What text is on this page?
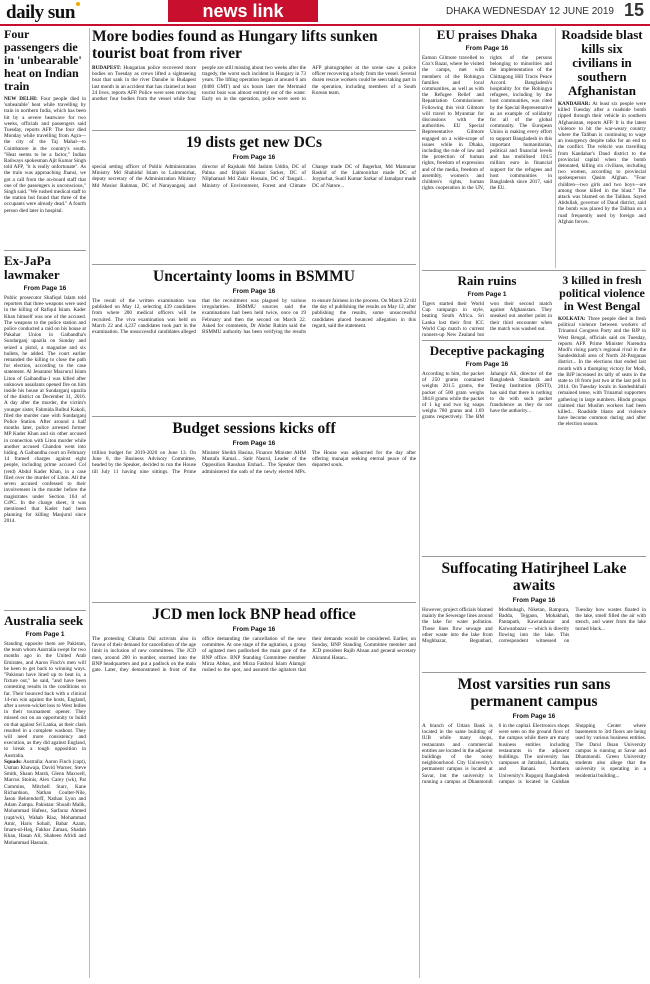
daily sun	news link	DHAKA WEDNESDAY 12 JUNE 2019 15
Four passengers die in 'unbearable' heat on Indian train

NEW DELHI: Four people died in 'unbearable' heat while travelling by train in northern India, which has been hit by a severe heatwave for two weeks, officials and passengers said Tuesday, reports AFP. The four died Monday while travelling from Agra—the city of the Taj Mahal—to Coimbatore in the country's south. "Heat seems to be a factor," Indian Railways spokesman Ajit Kumar Singh told AFP, "it is really unfortunate". As the train was approaching Jhansi, we got a call from the on-board staff that one of the passengers is unconscious," Singh said. "We rushed medical staff to the station but found that three of the occupants were already dead." A fourth person died later in hospital.

Ex-JaPa lawmaker
From Page 16

Public prosecutor Shafiqul Islam told reporters that three weapons were used in the killing of Rafiqul Islam. Kader Khan himself was one of the accused. The weapons to the police station and police conducted a raid on his house at Pakahar Union in Gaibandha's Sundarganj upazila on Sunday and seized a pistol, a magazine and six bullets, he added. The court earlier remanded the killing to close the path for election, according to the case statement. Al Jenarator Mazrurul Islam Liton of Gaibandha-1 was killed after unknown assailants opened fire on him inside his house at Sundarganj upazila of the district on December 31, 2016. A day after the murder, the victim's younger sister, Fahmida Bulbul Kakoli, filed the murder case with Sundarganj Police Station. After around a half months later, police arrested former MP Kader Khan and six other accused in connection with Liton murder while another accused Chandon went into hiding. A Gaibandha court on February 14 framed charges against eight people, including prime accused Col (retd) Abdul Kader Khan, in a case filed over the murder of Liton. All the seven accused confessed to their involvement in the murder before the magistrates under Section 164 of CrPC. In the charge sheet, it was mentioned that Kader had been planning for killing Manjurul since 2014.

Australia seek
From Page 1

Standing opposite them are Pakistan, the team whom Australia swept for two months ago in the United Arab Emirates, and Aaron Finch's men will be keen to get back to winning ways. "Pakistan have lined up to beat in, a fixture out," he said, "and have been contesting results in the conditions so far. Their bounced back with a clinical 14-run win against the hosts, England, after a seven-wicket loss to West Indies in their tournament opener. They missed out on an opportunity to build on that against Sri Lanka, as their clash resulted in a complete washout. They will need more consistency and execution, as they did against England, to break a tough opposition in Australia.

Squads: Australia: Aaron Finch (capt), Usman Khawaja, David Warner, Steve Smith, Shaun Marsh, Glenn Maxwell, Marcus Stoinis, Alex Carey (wk), Pat Cummins, Mitchell Starc, Kane Richardson, Nathan Coulter-Nile, Jason Behrendorff, Nathan Lyon and Adam Zampa. Pakistan: Shoaib Malik, Mohammad Hafeez, Sarfaraz Ahmed (capt/wk), Wahab Riaz, Mohammad Amir, Haris Sohail, Babar Azam, Imam-ul-Haq, Fakhar Zaman, Shadab Khan, Hasan Ali, Shaheen Afridi and Mohammad Hasnain.

More bodies found as Hungary lifts sunken tourist boat from river

BUDAPEST: Hungarian police recovered more bodies on Tuesday as crews lifted a sightseeing boat that sank in the river Danube in Budapest last month in an accident that has claimed at least 24 lives, reports AFP. Police were seen removing another four bodies from the vessel while four people are still missing about two weeks after the tragedy, the worst such incident in Hungary in 73 years. The lifting operation began at around 6 am (0400 GMT) and six hours later the Mermaid tourist boat was almost entirely out of the water. Early on in the operation, police were seen to AFP photographer at the scene saw a police officer recovering a body from the vessel. Several dozen rescue workers could be seen taking part in the operation, including members of a South Korean team.

19 dists get new DCs
From Page 16

special setting officer of Public Administration Ministry Md Shahidul Islam to Lalmonirhat, deputy secretary of the Administration Ministry Md Mosiur Rahman, DC of Narayanganj and director of Rajshahi Md Jashim Uddin, DC of Pabna and Biplob Kumar Sarker, DC of Nilphamari Md Zakir Hossain, DC of Tangail... Ministry of Environment, Forest and Climate Change made DC of Bagerhat, Md Mamunur Rashid of the Lalmonirhat made DC of Joypurhat, Sunil Kumar Sarkar of Jamalpur made DC of Natore...

Uncertainty looms in BSMMU
From Page 16

The result of the written examination was published on May 12, selecting 439 candidates from where 200 medical officers will be recruited. The viva examination was held on March 22 and 4,237 candidates took part in the examination. The unsuccessful candidates alleged that the recruitment was plagued by various irregularities. BSMMU sources said the examinations had been held twice, once on 19 February and then the second on March 22. Asked for comments, Dr Abdur Rahim said the BSMMU authority has been verifying the results to ensure fairness in the process. On March 22 till the day of publishing the results on May 12, after publishing the results, some unsuccessful candidates placed bounced allegation in this regard, said the statement.

Budget sessions kicks off
From Page 16

trillion budget for 2019-2020 on June 13. On June 8, the Business Advisory Committee, headed by the Speaker, decided to run the House till July 11 having nine sittings. The Prime Minister Sheikh Hasina, Finance Minister AHM Mustafa Kamal... Satir Nasrul, Leader of the Opposition Raushan Ershad... The Speaker then administered the oath of the newly elected MPs. The House was adjourned for the day after offering munajat seeking eternal peace of the departed souls.

JCD men lock BNP head office
From Page 16

The protesting Chhatra Dal activists also in favour of their demand for cancellation of the age limit in inclusion of new committees. The JCD men, around 200 in number, stormed into the BNP headquarters and put a padlock on the main gate. Later, they demonstrated in front of the office demanding the cancellation of the new committee. At one stage of the agitation, a group of agitated men padlocked the main gate of the BNP office. BNP Standing Committee member Mirza Abbas, and Mirza Fakhrul Islam Alamgir rushed to the spot, and assured the agitators that their demands would be considered. Earlier, on Sunday, BNP Standing Committee member and JCD president Rajib Ahsan and general secretary Akramul Hasan...

EU praises Dhaka
From Page 16

Eamon Gilmore travelled to Cox's Bazar, where he visited the camps, met with members of the Rohingya families and local communities, as well as with the Refugee Relief and Repatriation Commissioner. Following this visit Gilmore will travel to Myanmar for discussions with the authorities. EU Special Representative Gilmore engaged on a wide-scope of issues while in Dhaka, including the rule of law and the protection of human rights, freedom of expression and of the media, freedom of assembly, women's and children's rights, human rights cooperation in the UN, rights of the persons belonging to minorities and the implementation of the Chittagong Hill Tracts Peace Accord. Bangladesh's hospitality for the Rohingya refugees, including by the host communities, was cited by the Special Representative as an example of solidarity for all of the global community. The European Union is making every effort to support Bangladesh in this important humanitarian, political and financial levels and has mobilised 104.5 million euro in financial support for the refugees and host communities in Bangladesh since 2017, said the EU.

Rain ruins
From Page 1

Tigers started their World Cup campaign in style, beating South Africa. Sri Lanka lost their first ICC World Cup match to current runners-up New Zealand but won their second match against Afghanistan. They sneaked out another point in their third encounter when the match was washed out.

Deceptive packaging
From Page 16

According to him, the packet of 250 grams contained weights 201.5 grams, the packet of 500 gram weighs 384.8 grams while the packet of 1 kg and two kg soaps weighs 780 grams and 1.69 grams respectively. The BM Jahangir Ali, director of the Bangladesh Standards and Testing Institution (BSTI), has said that there is nothing to do with such packet fraudulence as they do not have the authority...

Roadside blast kills six civilians in southern Afghanistan

KANDAHAR: At least six people were killed Tuesday after a roadside bomb ripped through their vehicle in southern Afghanistan, reports AFP. It is the latest violence to hit the war-weary country where the Taliban is continuing to wage an insurgency despite talks for an end to the conflict. The vehicle was travelling from Kandahar's Daud district to the provincial capital when the bomb detonated, killing six civilians, including two women, according to provincial spokesperson Qasim Afghan. "Four children—two girls and two boys—are among those killed in the blast." The attack was blamed on the Taliban. Sayed Abdullah, governor of Daud district, said the bomb was placed by the Taliban on a road frequently used by foreign and Afghan forces.

3 killed in fresh political violence in West Bengal

KOLKATA: Three people died in fresh political violence between workers of Trinamul Congress Party and the BJP in West Bengal, officials said on Tuesday, reports AFP. Prime Minister Narendra Modi's rising party's regional rival in the Sandeshkhali area of North 24-Parganas district... In the elections that ended last month with a thumping victory for Modi, the BJP increased its tally of seats in the state to 18 from just two at the last poll in 2014. On Tuesday locals in Sandeshkhali remained tense, with Trinamul supporters gathering in large numbers. Hindu groups claimed that Muslim workers had been killed... Roadside blasts and violence have become common during and after the election season.

Suffocating Hatirjheel Lake awaits
From Page 16

However, project officials blamed mainly the Sewerage lines around the lake for water pollution. Those lines flow sewage and other waste into the lake from Moghbazar, Begunbari, Modhubagh, Niketan, Rampura, Badda, Tejgaon, Mohakhali, Pantapath, Kawranbazar and Karwanbazar — which is directly flowing into the lake. This correspondent witnessed on Tuesday how wastes floated in the lake, smell filled the air with stench, and water from the lake turned black...

Most varsities run sans permanent campus
From Page 16

A branch of Uttara Bank is located in the same building of IUB while many shops, restaurants and commercial entities are located in the adjacent buildings of the noisy neighbourhood. City University's permanent campus is located at Savar, but the university is running a campus at Dhanmondi 6 in the capital. Electronics shops were seen on the ground floor of the campus while there are many business entities including restaurants in the adjacent buildings. The university has campuses at Jatrabari, Lalmatia, and Banani. Northern University's Rupgonj Bangladesh campus is located in Gulshan Shopping Center where basements to 3rd floors are being used by various business entities. The Darul Ihsan University campus is running at Savar and Dhanmondi. Green University students also allege that the university is operating in a residential building...
